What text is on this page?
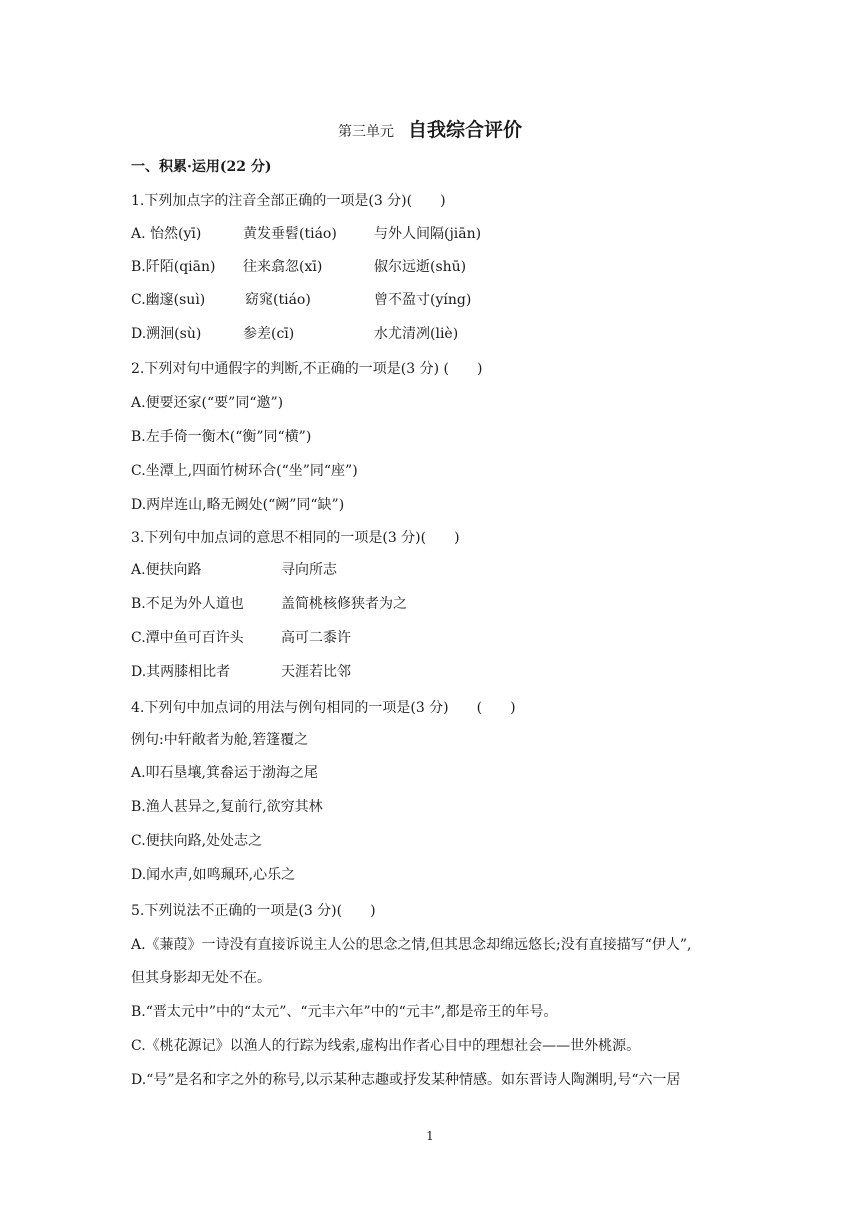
第三单元 自我综合评价
一、积累·运用(22 分)
1.下列加点字的注音全部正确的一项是(3 分)(　　)
A. 怡然(yī)	黄发垂髫(tiáo)	与外人间隔(jiān)
B.阡陌(qiān) 往来翕忽(xī)	俶尔远逝(shū)
C.幽邃(suì)	窈窕(tiáo)	曾不盈寸(yíng)
D.溯洄(sù)	参差(cī)	水尤清冽(liè)
2.下列对句中通假字的判断,不正确的一项是(3 分) (　　)
A.便要还家(“要”同“邀”)
B.左手倚一衡木(“衡”同“横”)
C.坐潭上,四面竹树环合(“坐”同“座”)
D.两岸连山,略无阙处(“阙”同“缺”)
3.下列句中加点词的意思不相同的一项是(3 分)(　　)
A.便扶向路	寻向所志
B.不足为外人道也	盖简桃核修狭者为之
C.潭中鱼可百许头	高可二黍许
D.其两膝相比者	天涯若比邻
4.下列句中加点词的用法与例句相同的一项是(3 分)　　(　　)
例句:中轩敞者为舱,箬篷覆之
A.叩石垦壤,箕畚运于渤海之尾
B.渔人甚异之,复前行,欲穷其林
C.便扶向路,处处志之
D.闻水声,如鸣珮环,心乐之
5.下列说法不正确的一项是(3 分)(　　)
A.《蒹葭》一诗没有直接诉说主人公的思念之情,但其思念却绵远悠长;没有直接描写“伊人”,
但其身影却无处不在。
B.“晋太元中”中的“太元”、“元丰六年”中的“元丰”,都是帝王的年号。
C.《桃花源记》以渔人的行踪为线索,虚构出作者心目中的理想社会——世外桃源。
D.“号”是名和字之外的称号,以示某种志趣或抒发某种情感。如东晋诗人陶渊明,号“六一居
1
